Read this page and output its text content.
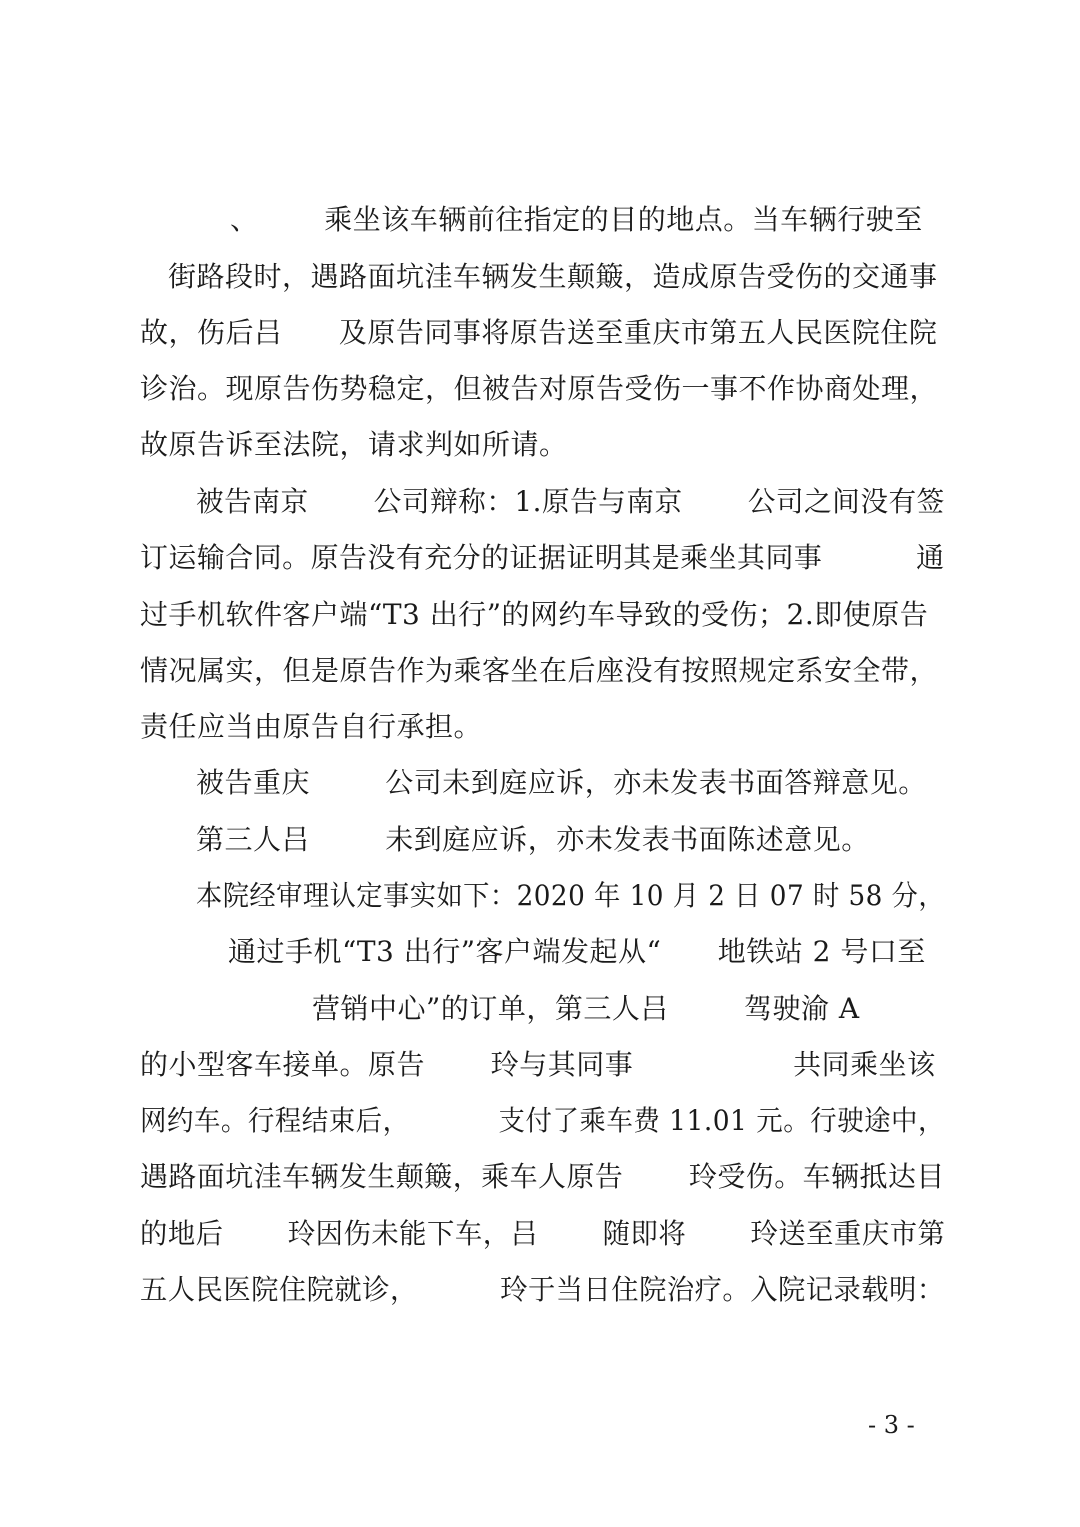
、       乘坐该车辆前往指定的目的地点。当车辆行驶至
街路段时，遇路面坑洼车辆发生颠簸，造成原告受伤的交通事
故，伤后吕      及原告同事将原告送至重庆市第五人民医院住院
诊治。现原告伤势稳定，但被告对原告受伤一事不作协商处理，
故原告诉至法院，请求判如所请。
被告南京       公司辩称：1.原告与南京       公司之间没有签
订运输合同。原告没有充分的证据证明其是乘坐其同事          通
过手机软件客户端“T3 出行”的网约车导致的受伤；2.即使原告
情况属实，但是原告作为乘客坐在后座没有按照规定系安全带，
责任应当由原告自行承担。
被告重庆        公司未到庭应诉，亦未发表书面答辩意见。
第三人吕        未到庭应诉，亦未发表书面陈述意见。
本院经审理认定事实如下：2020 年 10 月 2 日 07 时 58 分，
通过手机“T3 出行”客户端发起从“      地铁站 2 号口至
营销中心”的订单，第三人吕        驾驶渝 A
的小型客车接单。原告       玲与其同事                 共同乘坐该
网约车。行程结束后，          支付了乘车费 11.01 元。行驶途中，
遇路面坑洼车辆发生颠簸，乘车人原告       玲受伤。车辆抵达目
的地后       玲因伤未能下车，吕       随即将       玲送至重庆市第
五人民医院住院就诊，         玲于当日住院治疗。入院记录载明：
- 3 -
